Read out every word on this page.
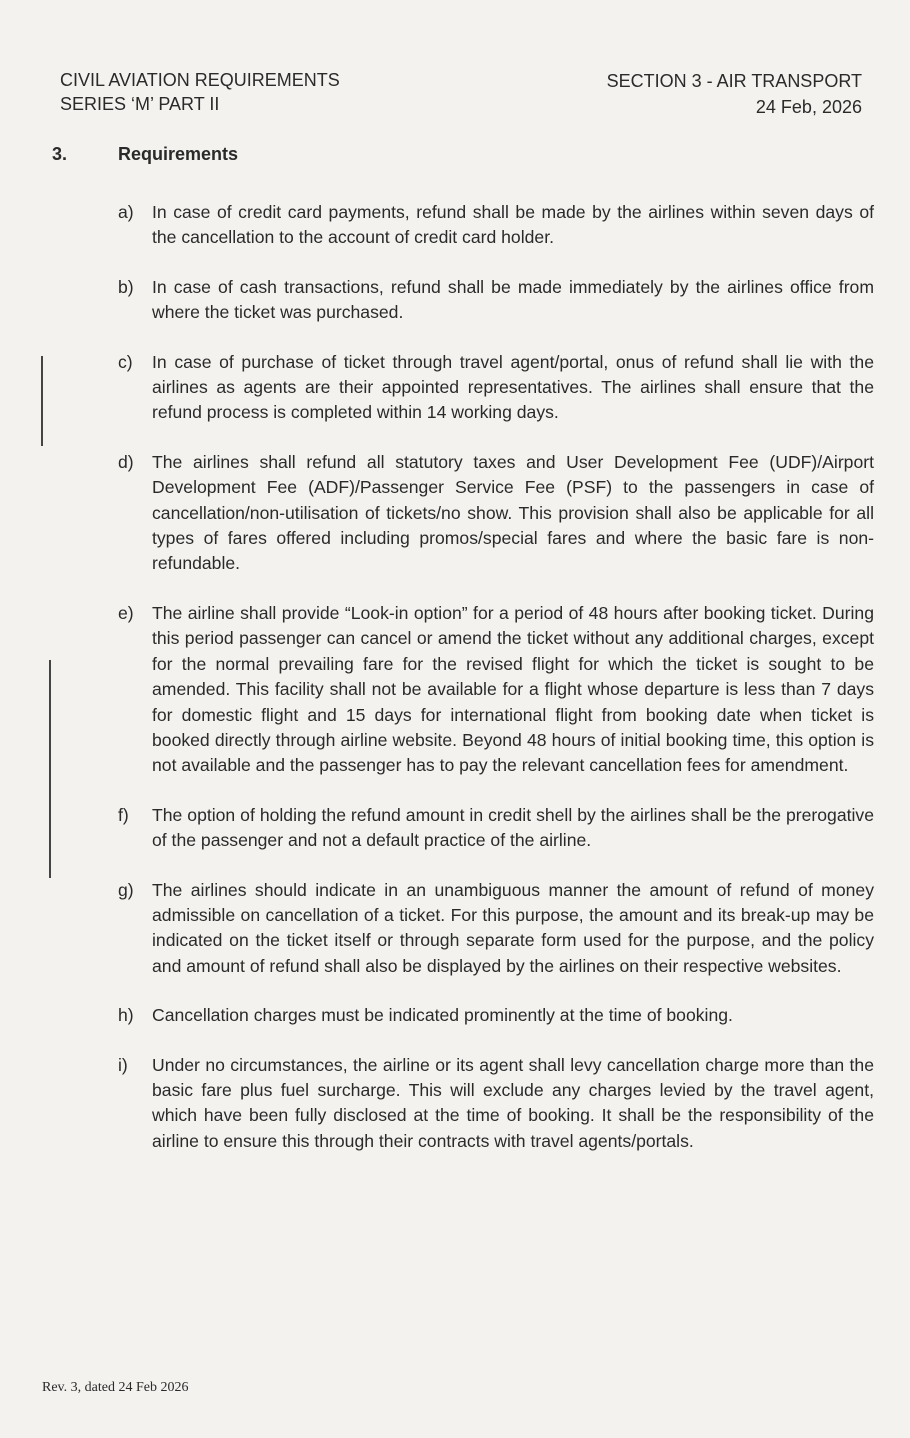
CIVIL AVIATION REQUIREMENTS
SERIES ‘M’ PART II
SECTION 3 - AIR TRANSPORT
24 Feb, 2026
3.	Requirements
a) In case of credit card payments, refund shall be made by the airlines within seven days of the cancellation to the account of credit card holder.
b) In case of cash transactions, refund shall be made immediately by the airlines office from where the ticket was purchased.
c) In case of purchase of ticket through travel agent/portal, onus of refund shall lie with the airlines as agents are their appointed representatives. The airlines shall ensure that the refund process is completed within 14 working days.
d) The airlines shall refund all statutory taxes and User Development Fee (UDF)/Airport Development Fee (ADF)/Passenger Service Fee (PSF) to the passengers in case of cancellation/non-utilisation of tickets/no show. This provision shall also be applicable for all types of fares offered including promos/special fares and where the basic fare is non-refundable.
e) The airline shall provide “Look-in option” for a period of 48 hours after booking ticket. During this period passenger can cancel or amend the ticket without any additional charges, except for the normal prevailing fare for the revised flight for which the ticket is sought to be amended. This facility shall not be available for a flight whose departure is less than 7 days for domestic flight and 15 days for international flight from booking date when ticket is booked directly through airline website. Beyond 48 hours of initial booking time, this option is not available and the passenger has to pay the relevant cancellation fees for amendment.
f) The option of holding the refund amount in credit shell by the airlines shall be the prerogative of the passenger and not a default practice of the airline.
g) The airlines should indicate in an unambiguous manner the amount of refund of money admissible on cancellation of a ticket. For this purpose, the amount and its break-up may be indicated on the ticket itself or through separate form used for the purpose, and the policy and amount of refund shall also be displayed by the airlines on their respective websites.
h) Cancellation charges must be indicated prominently at the time of booking.
i) Under no circumstances, the airline or its agent shall levy cancellation charge more than the basic fare plus fuel surcharge. This will exclude any charges levied by the travel agent, which have been fully disclosed at the time of booking. It shall be the responsibility of the airline to ensure this through their contracts with travel agents/portals.
Rev. 3, dated 24 Feb 2026
